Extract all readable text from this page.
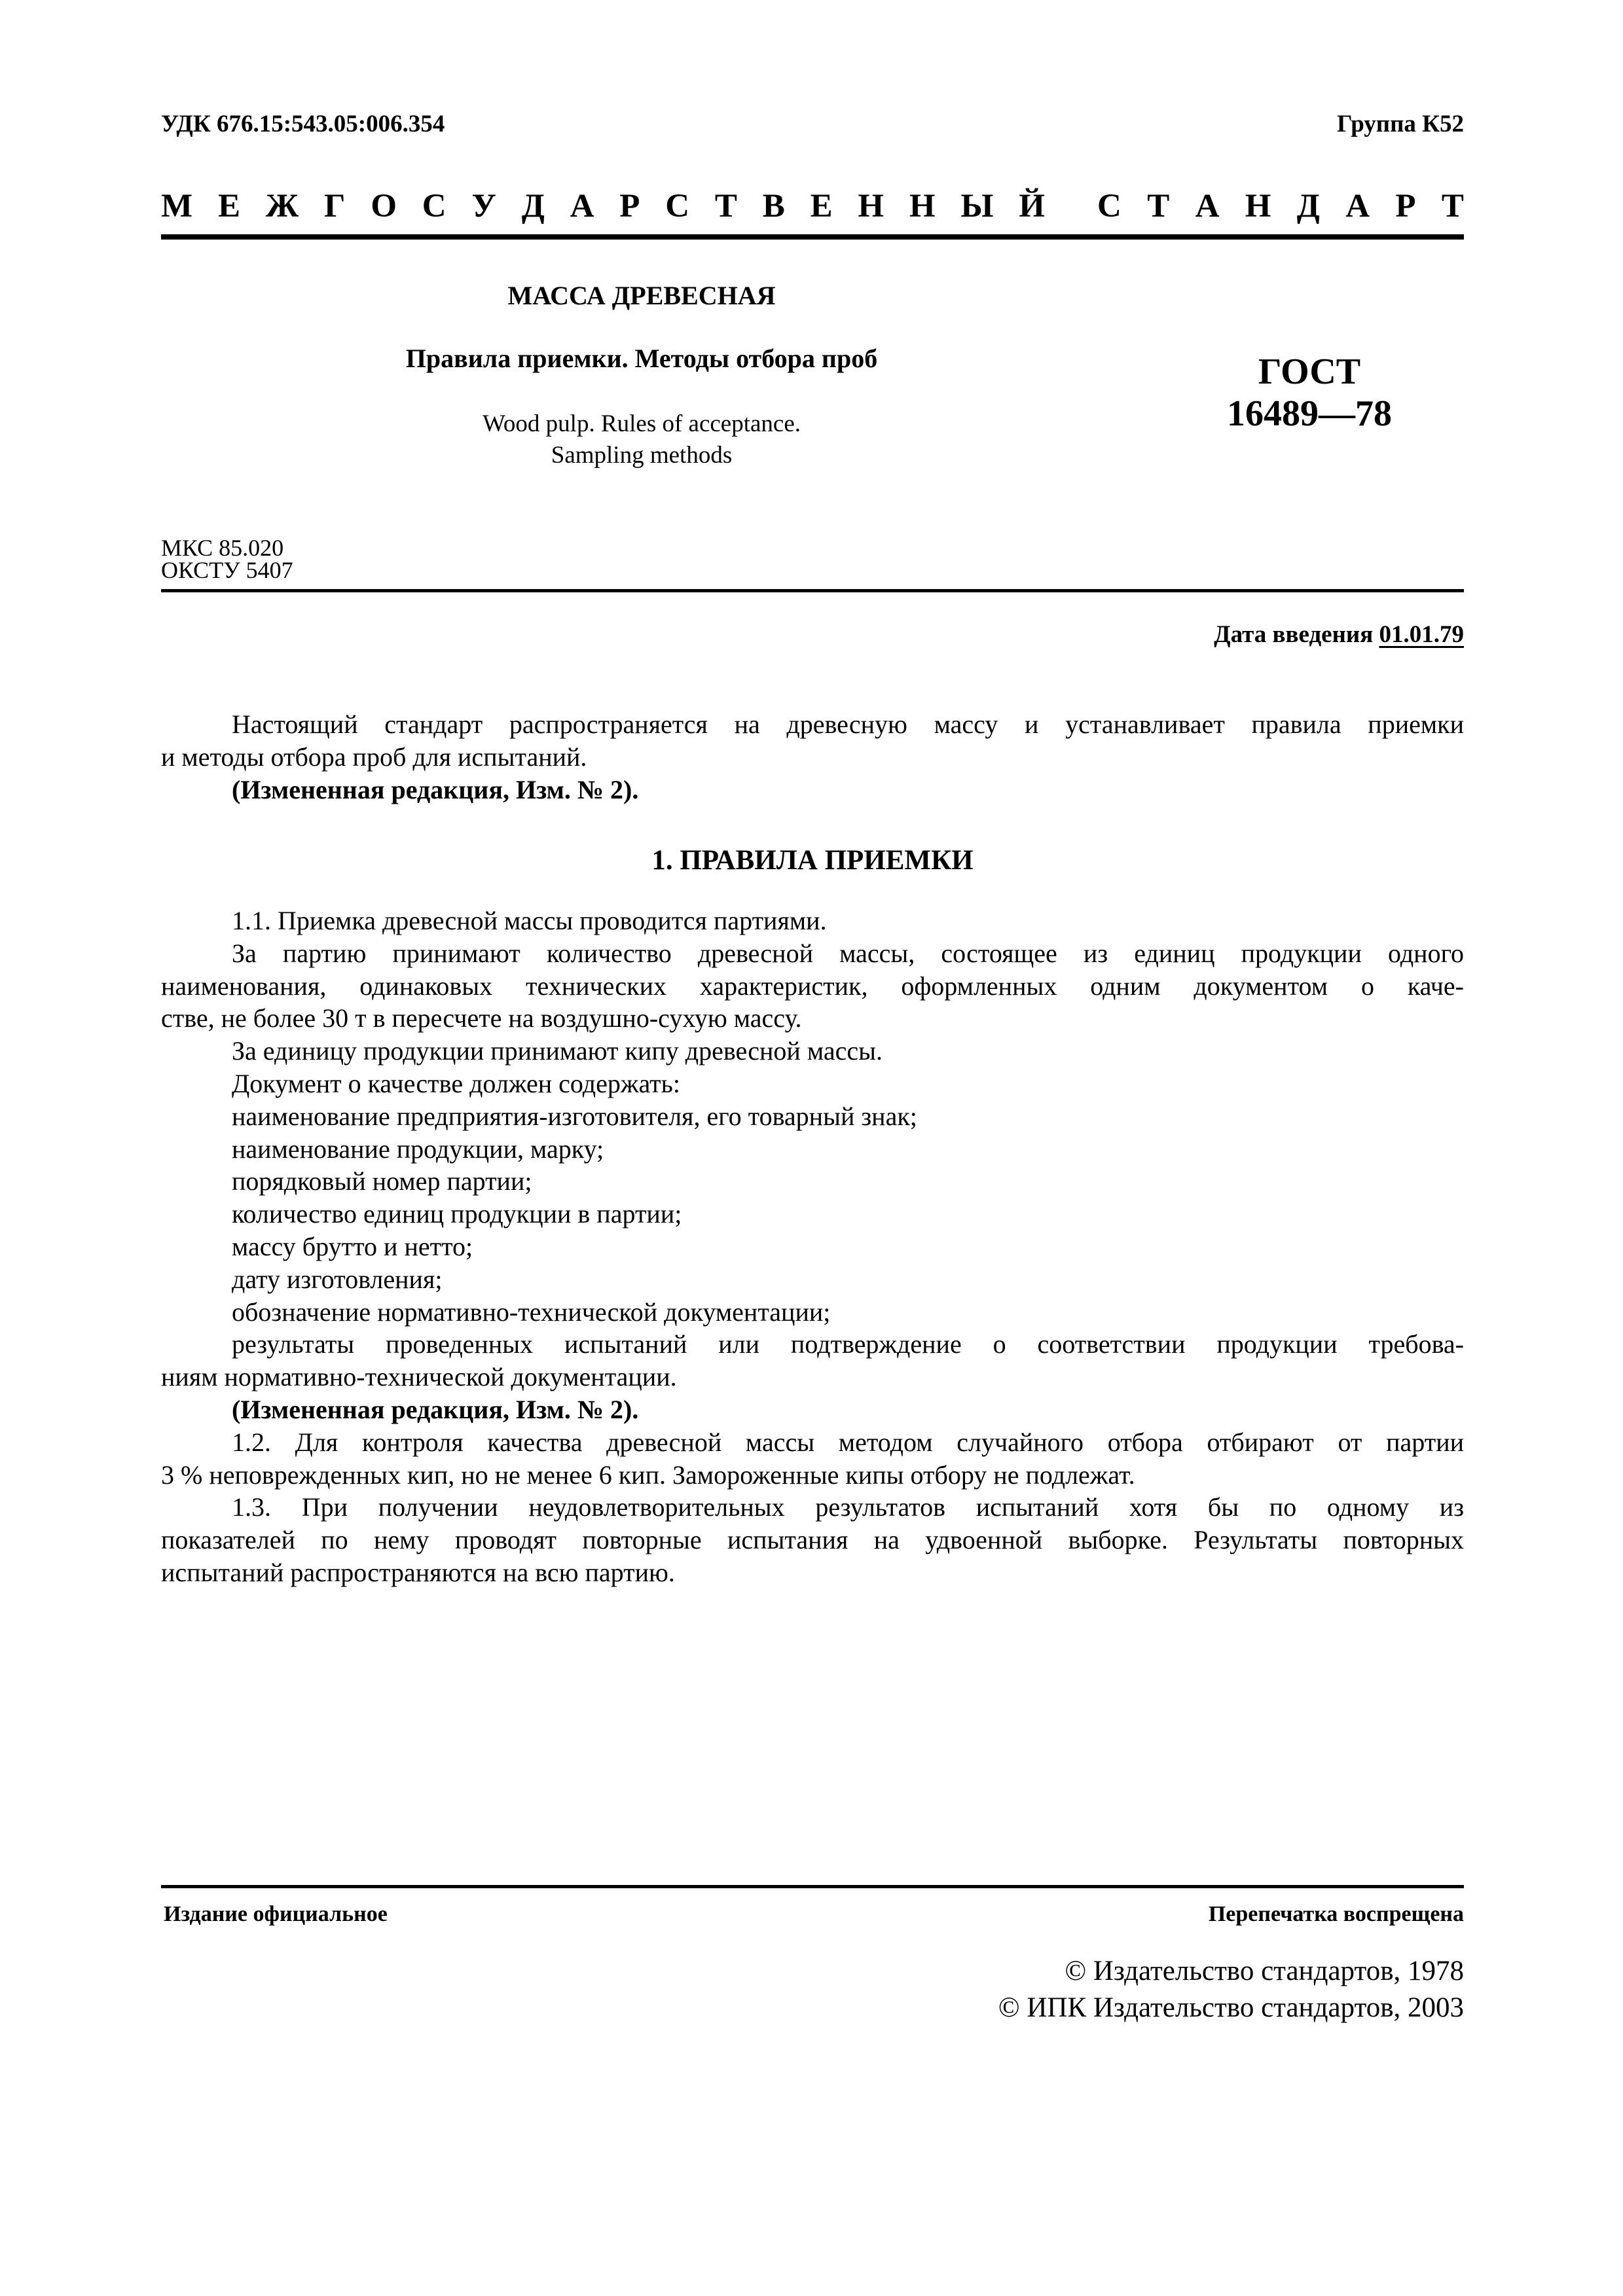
УДК 676.15:543.05:006.354	Группа К52
М Е Ж Г О С У Д А Р С Т В Е Н Н Ы Й С Т А Н Д А Р Т
МАССА ДРЕВЕСНАЯ
Правила приемки. Методы отбора проб
Wood pulp. Rules of acceptance.
Sampling methods
ГОСТ
16489—78
МКС 85.020
ОКСТУ 5407
Дата введения 01.01.79

Настоящий стандарт распространяется на древесную массу и устанавливает правила приемки

и методы отбора проб для испытаний.

(Измененная редакция, Изм. № 2).

1. ПРАВИЛА ПРИЕМКИ

1.1. Приемка древесной массы проводится партиями.

За партию принимают количество древесной массы, состоящее из единиц продукции одного

наименования, одинаковых технических характеристик, оформленных одним документом о каче-

стве, не более 30 т в пересчете на воздушно-сухую массу.

За единицу продукции принимают кипу древесной массы.

Документ о качестве должен содержать:

наименование предприятия-изготовителя, его товарный знак;

наименование продукции, марку;

порядковый номер партии;

количество единиц продукции в партии;

массу брутто и нетто;

дату изготовления;

обозначение нормативно-технической документации;

результаты проведенных испытаний или подтверждение о соответствии продукции требова-

ниям нормативно-технической документации.

(Измененная редакция, Изм. № 2).

1.2. Для контроля качества древесной массы методом случайного отбора отбирают от партии

3 % неповрежденных кип, но не менее 6 кип. Замороженные кипы отбору не подлежат.

1.3. При получении неудовлетворительных результатов испытаний хотя бы по одному из

показателей по нему проводят повторные испытания на удвоенной выборке. Результаты повторных

испытаний распространяются на всю партию.

Издание официальное	Перепечатка воспрещена
© Издательство стандартов, 1978
© ИПК Издательство стандартов, 2003
